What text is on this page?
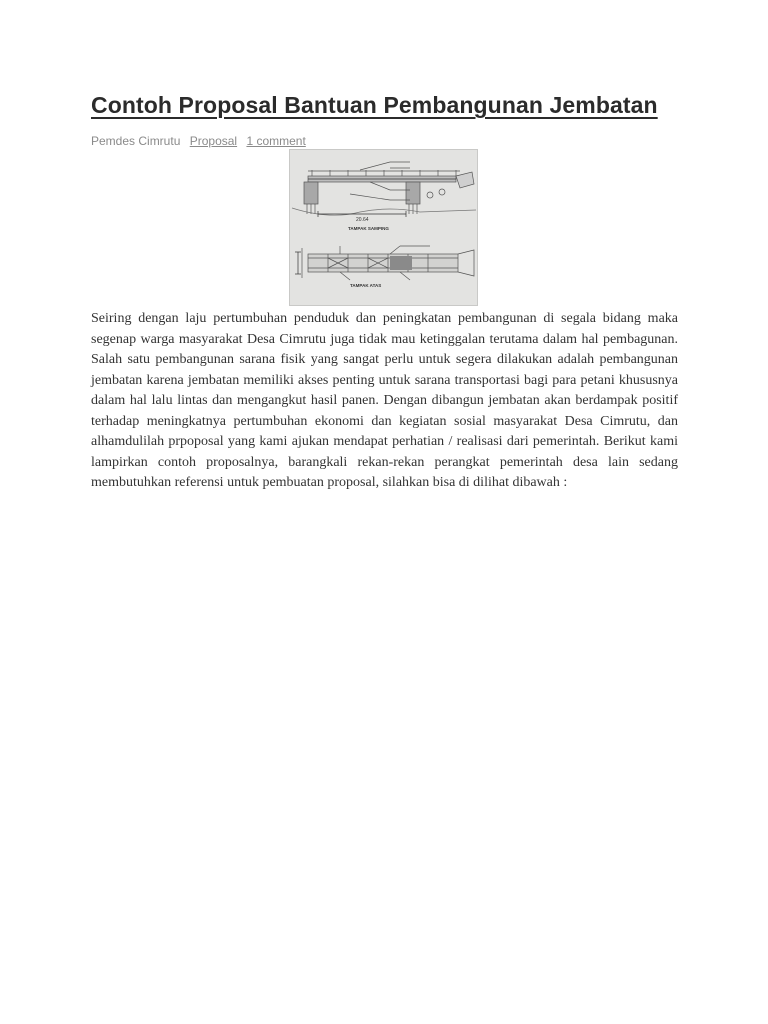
Contoh Proposal Bantuan Pembangunan Jembatan
Pemdes Cimrutu Proposal 1 comment
20.64
TAMPAK SAMPING
TAMPAK ATAS

Seiring dengan laju pertumbuhan penduduk dan peningkatan pembangunan di segala bidang maka segenap warga masyarakat Desa Cimrutu juga tidak mau ketinggalan terutama dalam hal pembagunan. Salah satu pembangunan sarana fisik yang sangat perlu untuk segera dilakukan adalah pembangunan jembatan karena jembatan memiliki akses penting untuk sarana transportasi bagi para petani khususnya dalam hal lalu lintas dan mengangkut hasil panen. Dengan dibangun jembatan akan berdampak positif terhadap meningkatnya pertumbuhan ekonomi dan kegiatan sosial masyarakat Desa Cimrutu, dan alhamdulilah prpoposal yang kami ajukan mendapat perhatian / realisasi dari pemerintah. Berikut kami lampirkan contoh proposalnya, barangkali rekan-rekan perangkat pemerintah desa lain sedang membutuhkan referensi untuk pembuatan proposal, silahkan bisa di dilihat dibawah :
